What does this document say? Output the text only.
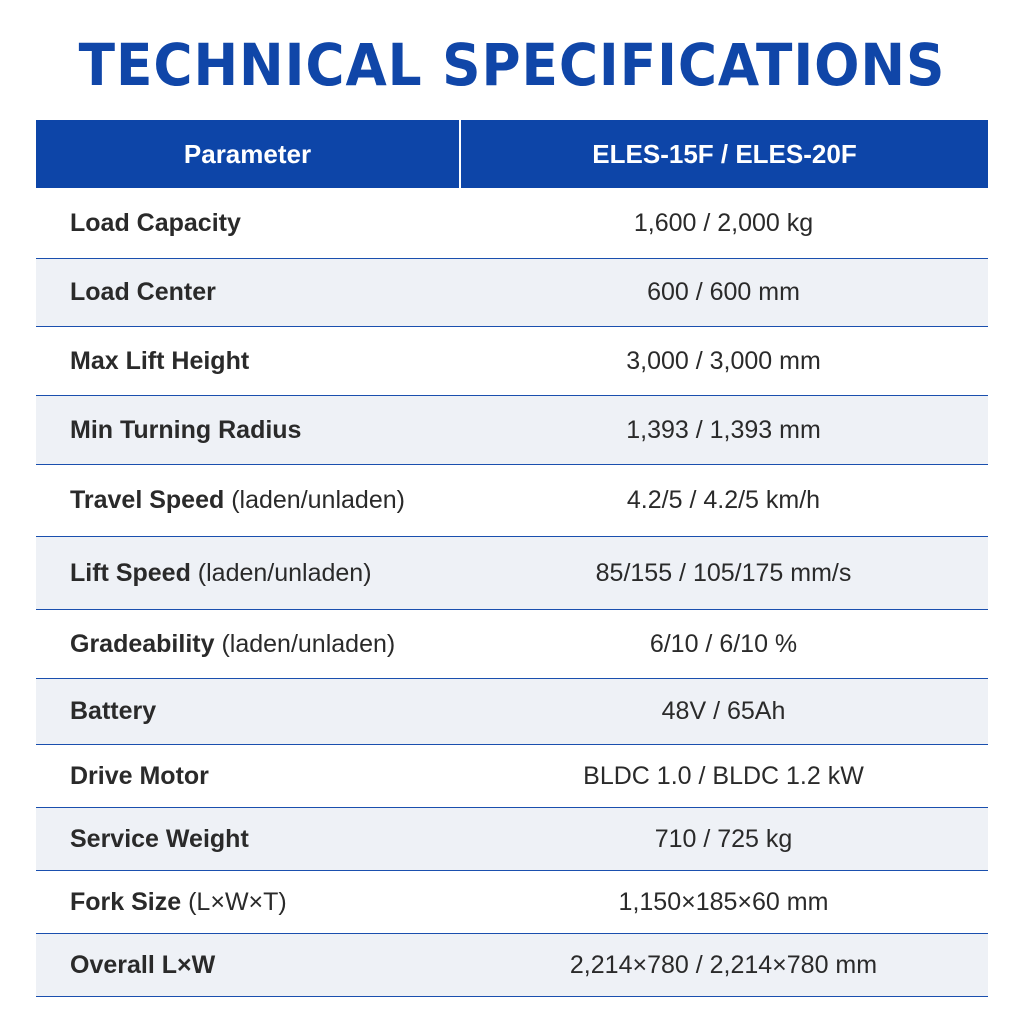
TECHNICAL SPECIFICATIONS
Parameter	ELES-15F / ELES-20F
Load Capacity	1,600 / 2,000 kg
Load Center	600 / 600 mm
Max Lift Height	3,000 / 3,000 mm
Min Turning Radius	1,393 / 1,393 mm
Travel Speed (laden/unladen)	4.2/5 / 4.2/5 km/h
Lift Speed (laden/unladen)	85/155 / 105/175 mm/s
Gradeability (laden/unladen)	6/10 / 6/10 %
Battery	48V / 65Ah
Drive Motor	BLDC 1.0 / BLDC 1.2 kW
Service Weight	710 / 725 kg
Fork Size (L×W×T)	1,150×185×60 mm
Overall L×W	2,214×780 / 2,214×780 mm
